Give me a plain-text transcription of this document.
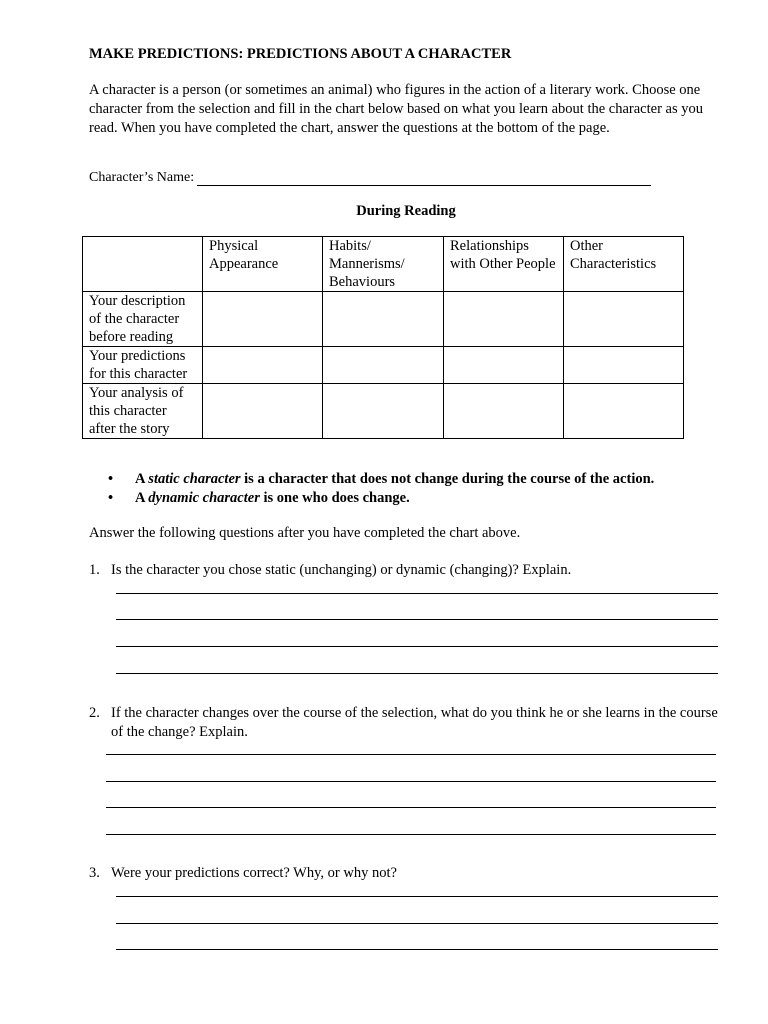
MAKE PREDICTIONS: PREDICTIONS ABOUT A CHARACTER

A character is a person (or sometimes an animal) who figures in the action of a literary work. Choose one character from the selection and fill in the chart below based on what you learn about the character as you read. When you have completed the chart, answer the questions at the bottom of the page.

Character’s Name:

During Reading

	Physical Appearance	Habits/ Mannerisms/ Behaviours	Relationships with Other People	Other Characteristics
Your description of the character before reading				
Your predictions for this character				
Your analysis of this character after the story				
• A static character is a character that does not change during the course of the action.
• A dynamic character is one who does change.

Answer the following questions after you have completed the chart above.

1. Is the character you chose static (unchanging) or dynamic (changing)? Explain.

2. If the character changes over the course of the selection, what do you think he or she learns in the course of the change? Explain.

3. Were your predictions correct? Why, or why not?
